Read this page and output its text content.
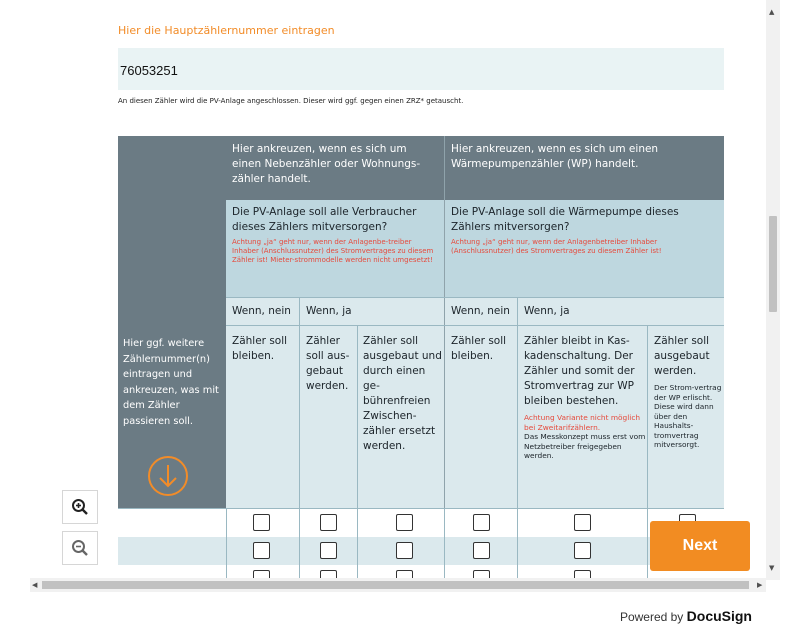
Hier die Hauptzählernummer eintragen
76053251
An diesen Zähler wird die PV-Anlage angeschlossen. Dieser wird ggf. gegen einen ZRZ* getauscht.
Hier ggf. weitere Zählernummer(n) eintragen und ankreuzen, was mit dem Zähler passieren soll.
Hier ankreuzen, wenn es sich um einen Nebenzähler oder Wohnungs-zähler handelt.
Hier ankreuzen, wenn es sich um einen Wärmepumpenzähler (WP) handelt.
Die PV-Anlage soll alle Verbraucher dieses Zählers mitversorgen?
Achtung „ja“ geht nur, wenn der Anlagenbe-treiber Inhaber (Anschlussnutzer) des Stromvertrages zu diesem Zähler ist! Mieter-strommodelle werden nicht umgesetzt!
Die PV-Anlage soll die Wärmepumpe dieses Zählers mitversorgen?
Achtung „ja“ geht nur, wenn der Anlagenbetreiber Inhaber (Anschlussnutzer) des Stromvertrages zu diesem Zähler ist!
Wenn, nein Wenn, ja	Wenn, nein Wenn, ja
Zähler soll bleiben.
Zähler soll aus-gebaut werden.
Zähler soll ausgebaut und durch einen ge-bührenfreien Zwischen-zähler ersetzt werden.
Zähler soll bleiben.
Zähler bleibt in Kas-kadenschaltung. Der Zähler und somit der Stromvertrag zur WP bleiben bestehen.
Achtung Variante nicht möglich bei Zweitarifzählern.
Das Messkonzept muss erst vom Netzbetreiber freigegeben werden.
Zähler soll ausgebaut werden.
Der Strom-vertrag der WP erlischt. Diese wird dann über den Haushalts-tromvertrag mitversorgt.
Next
▲
▼
◀	▶
Powered by DocuSign
